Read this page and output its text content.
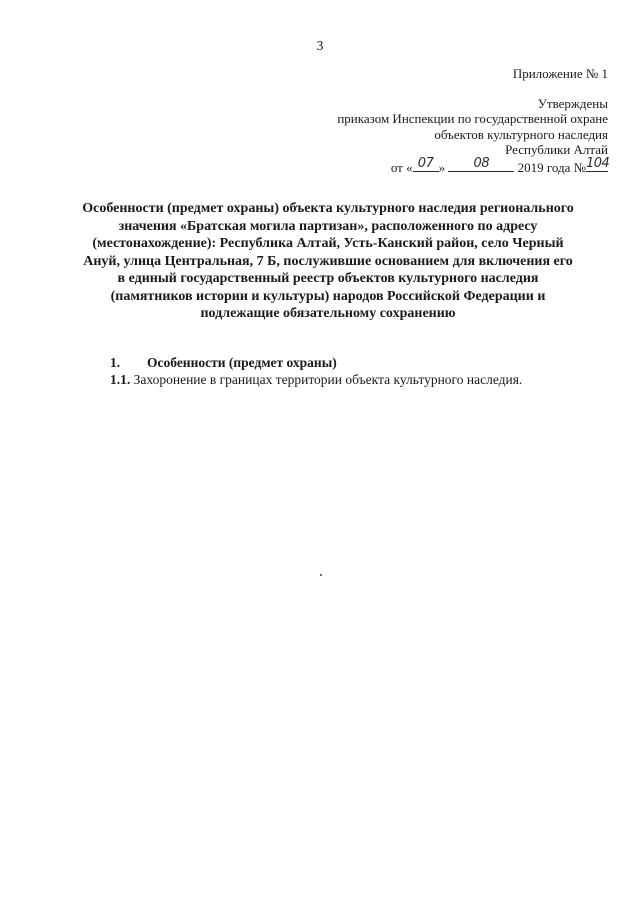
3
Приложение № 1
Утверждены
приказом Инспекции по государственной охране
объектов культурного наследия
Республики Алтай
от « 07 »	08	2019 года № 104
Особенности (предмет охраны) объекта культурного наследия регионального
значения «Братская могила партизан», расположенного по адресу
(местонахождение): Республика Алтай, Усть-Канский район, село Черный
Ануй, улица Центральная, 7 Б, послужившие основанием для включения его
в единый государственный реестр объектов культурного наследия
(памятников истории и культуры) народов Российской Федерации и
подлежащие обязательному сохранению
1.	Особенности (предмет охраны)
1.1. Захоронение в границах территории объекта культурного наследия.
